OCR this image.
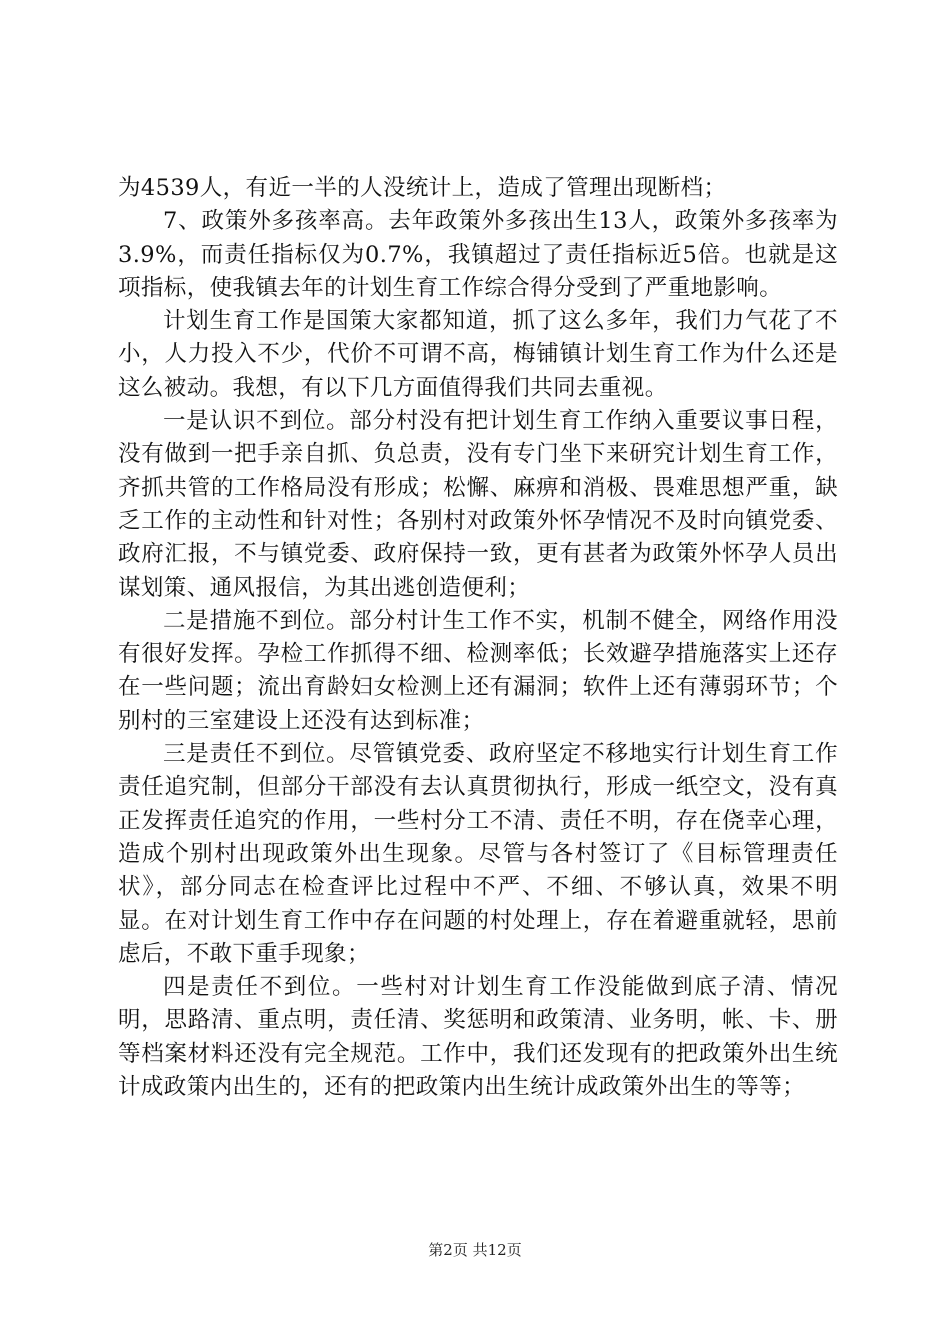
为4539人，有近一半的人没统计上，造成了管理出现断档；

7、政策外多孩率高。去年政策外多孩出生13人，政策外多孩率为3.9%，而责任指标仅为0.7%，我镇超过了责任指标近5倍。也就是这项指标，使我镇去年的计划生育工作综合得分受到了严重地影响。

计划生育工作是国策大家都知道，抓了这么多年，我们力气花了不小，人力投入不少，代价不可谓不高，梅铺镇计划生育工作为什么还是这么被动。我想，有以下几方面值得我们共同去重视。

一是认识不到位。部分村没有把计划生育工作纳入重要议事日程，没有做到一把手亲自抓、负总责，没有专门坐下来研究计划生育工作，齐抓共管的工作格局没有形成；松懈、麻痹和消极、畏难思想严重，缺乏工作的主动性和针对性；各别村对政策外怀孕情况不及时向镇党委、政府汇报，不与镇党委、政府保持一致，更有甚者为政策外怀孕人员出谋划策、通风报信，为其出逃创造便利；

二是措施不到位。部分村计生工作不实，机制不健全，网络作用没有很好发挥。孕检工作抓得不细、检测率低；长效避孕措施落实上还存在一些问题；流出育龄妇女检测上还有漏洞；软件上还有薄弱环节；个别村的三室建设上还没有达到标准；

三是责任不到位。尽管镇党委、政府坚定不移地实行计划生育工作责任追究制，但部分干部没有去认真贯彻执行，形成一纸空文，没有真正发挥责任追究的作用，一些村分工不清、责任不明，存在侥幸心理，造成个别村出现政策外出生现象。尽管与各村签订了《目标管理责任状》，部分同志在检查评比过程中不严、不细、不够认真，效果不明显。在对计划生育工作中存在问题的村处理上，存在着避重就轻，思前虑后，不敢下重手现象；

四是责任不到位。一些村对计划生育工作没能做到底子清、情况明，思路清、重点明，责任清、奖惩明和政策清、业务明，帐、卡、册等档案材料还没有完全规范。工作中，我们还发现有的把政策外出生统计成政策内出生的，还有的把政策内出生统计成政策外出生的等等；

第2页 共12页
